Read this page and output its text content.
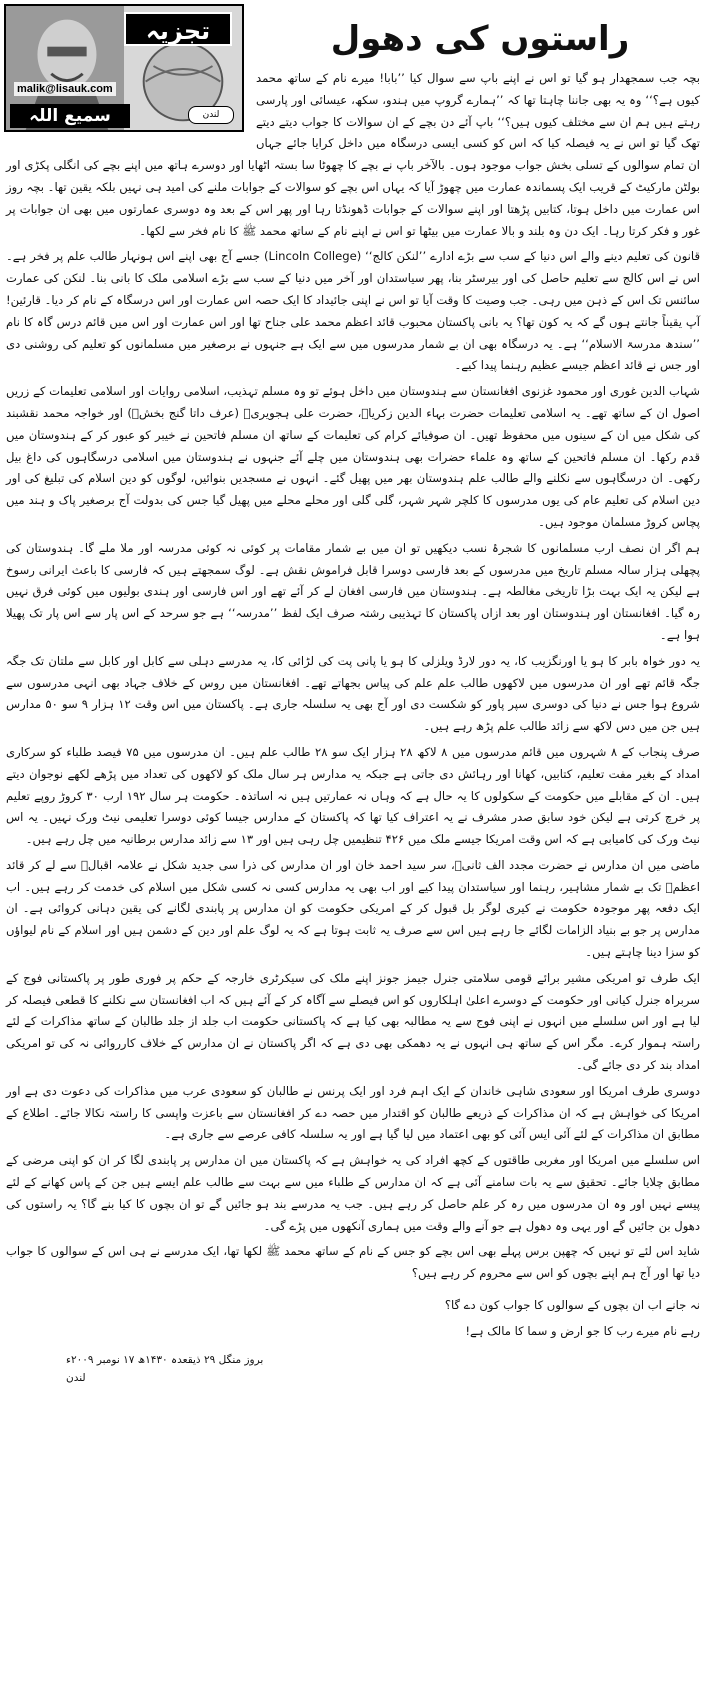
تجزیہ
malik@lisauk.com
سمیع اللہ ملک
لندن
راستوں کی دھول

بچہ جب سمجھدار ہو گیا تو اس نے اپنے باپ سے سوال کیا ’’بابا! میرے نام کے ساتھ محمد کیوں ہے؟‘‘ وہ یہ بھی جاننا چاہتا تھا کہ ’’ہمارے گروپ میں ہندو، سکھ، عیسائی اور پارسی رہتے ہیں ہم ان سے مختلف کیوں ہیں؟‘‘ باپ آئے دن بچے کے ان سوالات کا جواب دیتے دیتے تھک گیا تو اس نے یہ فیصلہ کیا کہ اس کو کسی ایسی درسگاہ میں داخل کرایا جائے جہاں ان تمام سوالوں کے تسلی بخش جواب موجود ہوں۔ بالآخر باپ نے بچے کا چھوٹا سا بستہ اٹھایا اور دوسرے ہاتھ میں اپنے بچے کی انگلی پکڑی اور بولٹن مارکیٹ کے قریب ایک پسماندہ عمارت میں چھوڑ آیا کہ یہاں اس بچے کو سوالات کے جوابات ملنے کی امید ہی نہیں بلکہ یقین تھا۔ بچہ روز اس عمارت میں داخل ہوتا، کتابیں پڑھتا اور اپنے سوالات کے جوابات ڈھونڈتا رہا اور پھر اس کے بعد وہ دوسری عمارتوں میں بھی ان جوابات پر غور و فکر کرتا رہا۔ ایک دن وہ بلند و بالا عمارت میں بیٹھا تو اس نے اپنے نام کے ساتھ محمد ﷺ کا نام فخر سے لکھا۔

قانون کی تعلیم دینے والے اس دنیا کے سب سے بڑے ادارے ’’لنکن کالج‘‘ (Lincoln College) جسے آج بھی اپنے اس ہونہار طالب علم پر فخر ہے۔ اس نے اس کالج سے تعلیم حاصل کی اور بیرسٹر بنا، پھر سیاستدان اور آخر میں دنیا کے سب سے بڑے اسلامی ملک کا بانی بنا۔ لنکن کی عمارت سائنس تک اس کے ذہن میں رہی۔ جب وصیت کا وقت آیا تو اس نے اپنی جائیداد کا ایک حصہ اس عمارت اور اس درسگاہ کے نام کر دیا۔ قارئین! آپ یقیناً جانتے ہوں گے کہ یہ کون تھا؟ یہ بانی پاکستان محبوب قائد اعظم محمد علی جناح تھا اور اس عمارت اور اس میں قائم درس گاہ کا نام ’’سندھ مدرسۃ الاسلام‘‘ ہے۔ یہ درسگاہ بھی ان بے شمار مدرسوں میں سے ایک ہے جنہوں نے برصغیر میں مسلمانوں کو تعلیم کی روشنی دی اور جس نے قائد اعظم جیسے عظیم رہنما پیدا کیے۔

شہاب الدین غوری اور محمود غزنوی افغانستان سے ہندوستان میں داخل ہوئے تو وہ مسلم تہذیب، اسلامی روایات اور اسلامی تعلیمات کے زریں اصول ان کے ساتھ تھے۔ یہ اسلامی تعلیمات حضرت بہاء الدین زکریاؒ، حضرت علی ہجویریؒ (عرف داتا گنج بخشؒ) اور خواجہ محمد نقشبند کی شکل میں ان کے سینوں میں محفوظ تھیں۔ ان صوفیائے کرام کی تعلیمات کے ساتھ ان مسلم فاتحین نے خیبر کو عبور کر کے ہندوستان میں قدم رکھا۔ ان مسلم فاتحین کے ساتھ وہ علماء حضرات بھی ہندوستان میں چلے آئے جنہوں نے ہندوستان میں اسلامی درسگاہوں کی داغ بیل رکھی۔ ان درسگاہوں سے نکلنے والے طالب علم ہندوستان بھر میں پھیل گئے۔ انہوں نے مسجدیں بنوائیں، لوگوں کو دین اسلام کی تبلیغ کی اور دین اسلام کی تعلیم عام کی یوں مدرسوں کا کلچر شہر شہر، گلی گلی اور محلے محلے میں پھیل گیا جس کی بدولت آج برصغیر پاک و ہند میں پچاس کروڑ مسلمان موجود ہیں۔

ہم اگر ان نصف ارب مسلمانوں کا شجرۂ نسب دیکھیں تو ان میں بے شمار مقامات پر کوئی نہ کوئی مدرسہ اور ملا ملے گا۔ ہندوستان کی پچھلی ہزار سالہ مسلم تاریخ میں مدرسوں کے بعد فارسی دوسرا قابل فراموش نقش ہے۔ لوگ سمجھتے ہیں کہ فارسی کا باعث ایرانی رسوخ ہے لیکن یہ ایک بہت بڑا تاریخی مغالطہ ہے۔ ہندوستان میں فارسی افغان لے کر آئے تھے اور اس فارسی اور ہندی بولیوں میں کوئی فرق نہیں رہ گیا۔ افغانستان اور ہندوستان اور بعد ازاں پاکستان کا تہذیبی رشتہ صرف ایک لفظ ’’مدرسہ‘‘ ہے جو سرحد کے اس پار سے اس پار تک پھیلا ہوا ہے۔

یہ دور خواہ بابر کا ہو یا اورنگزیب کا، یہ دور لارڈ ویلزلی کا ہو یا پانی پت کی لڑائی کا، یہ مدرسے دہلی سے کابل اور کابل سے ملتان تک جگہ جگہ قائم تھے اور ان مدرسوں میں لاکھوں طالب علم علم کی پیاس بجھاتے تھے۔ افغانستان میں روس کے خلاف جہاد بھی انہی مدرسوں سے شروع ہوا جس نے دنیا کی دوسری سپر پاور کو شکست دی اور آج بھی یہ سلسلہ جاری ہے۔ پاکستان میں اس وقت ۱۲ ہزار ۹ سو ۵۰ مدارس ہیں جن میں دس لاکھ سے زائد طالب علم پڑھ رہے ہیں۔

صرف پنجاب کے ۸ شہروں میں قائم مدرسوں میں ۸ لاکھ ۲۸ ہزار ایک سو ۲۸ طالب علم ہیں۔ ان مدرسوں میں ۷۵ فیصد طلباء کو سرکاری امداد کے بغیر مفت تعلیم، کتابیں، کھانا اور رہائش دی جاتی ہے جبکہ یہ مدارس ہر سال ملک کو لاکھوں کی تعداد میں پڑھے لکھے نوجوان دیتے ہیں۔ ان کے مقابلے میں حکومت کے سکولوں کا یہ حال ہے کہ وہاں نہ عمارتیں ہیں نہ اساتذہ۔ حکومت ہر سال ۱۹۲ ارب ۳۰ کروڑ روپے تعلیم پر خرچ کرتی ہے لیکن خود سابق صدر مشرف نے یہ اعتراف کیا تھا کہ پاکستان کے مدارس جیسا کوئی دوسرا تعلیمی نیٹ ورک نہیں۔ یہ اس نیٹ ورک کی کامیابی ہے کہ اس وقت امریکا جیسے ملک میں ۴۲۶ تنظیمیں چل رہی ہیں اور ۱۳ سے زائد مدارس برطانیہ میں چل رہے ہیں۔

ماضی میں ان مدارس نے حضرت مجدد الف ثانیؒ، سر سید احمد خان اور ان مدارس کی ذرا سی جدید شکل نے علامہ اقبالؒ سے لے کر قائد اعظمؒ تک بے شمار مشاہیر، رہنما اور سیاستدان پیدا کیے اور اب بھی یہ مدارس کسی نہ کسی شکل میں اسلام کی خدمت کر رہے ہیں۔ اب ایک دفعہ پھر موجودہ حکومت نے کیری لوگر بل قبول کر کے امریکی حکومت کو ان مدارس پر پابندی لگانے کی یقین دہانی کروائی ہے۔ ان مدارس پر جو بے بنیاد الزامات لگائے جا رہے ہیں اس سے صرف یہ ثابت ہوتا ہے کہ یہ لوگ علم اور دین کے دشمن ہیں اور اسلام کے نام لیواؤں کو سزا دینا چاہتے ہیں۔

ایک طرف تو امریکی مشیر برائے قومی سلامتی جنرل جیمز جونز اپنے ملک کی سیکرٹری خارجہ کے حکم پر فوری طور پر پاکستانی فوج کے سربراہ جنرل کیانی اور حکومت کے دوسرے اعلیٰ اہلکاروں کو اس فیصلے سے آگاہ کر کے آئے ہیں کہ اب افغانستان سے نکلنے کا قطعی فیصلہ کر لیا ہے اور اس سلسلے میں انہوں نے اپنی فوج سے یہ مطالبہ بھی کیا ہے کہ پاکستانی حکومت اب جلد از جلد طالبان کے ساتھ مذاکرات کے لئے راستہ ہموار کرے۔ مگر اس کے ساتھ ہی انہوں نے یہ دھمکی بھی دی ہے کہ اگر پاکستان نے ان مدارس کے خلاف کارروائی نہ کی تو امریکی امداد بند کر دی جائے گی۔

دوسری طرف امریکا اور سعودی شاہی خاندان کے ایک اہم فرد اور ایک پرنس نے طالبان کو سعودی عرب میں مذاکرات کی دعوت دی ہے اور امریکا کی خواہش ہے کہ ان مذاکرات کے ذریعے طالبان کو اقتدار میں حصہ دے کر افغانستان سے باعزت واپسی کا راستہ نکالا جائے۔ اطلاع کے مطابق ان مذاکرات کے لئے آئی ایس آئی کو بھی اعتماد میں لیا گیا ہے اور یہ سلسلہ کافی عرصے سے جاری ہے۔

اس سلسلے میں امریکا اور مغربی طاقتوں کے کچھ افراد کی یہ خواہش ہے کہ پاکستان میں ان مدارس پر پابندی لگا کر ان کو اپنی مرضی کے مطابق چلایا جائے۔ تحقیق سے یہ بات سامنے آئی ہے کہ ان مدارس کے طلباء میں سے بہت سے طالب علم ایسے ہیں جن کے پاس کھانے کے لئے پیسے نہیں اور وہ ان مدرسوں میں رہ کر علم حاصل کر رہے ہیں۔ جب یہ مدرسے بند ہو جائیں گے تو ان بچوں کا کیا بنے گا؟ یہ راستوں کی دھول بن جائیں گے اور یہی وہ دھول ہے جو آنے والے وقت میں ہماری آنکھوں میں پڑے گی۔

شاید اس لئے تو نہیں کہ چھپن برس پہلے بھی اس بچے کو جس کے نام کے ساتھ محمد ﷺ لکھا تھا، ایک مدرسے نے ہی اس کے سوالوں کا جواب دیا تھا اور آج ہم اپنے بچوں کو اس سے محروم کر رہے ہیں؟

نہ جانے اب ان بچوں کے سوالوں کا جواب کون دے گا؟

رہے نام میرے رب کا جو ارض و سما کا مالک ہے!

بروز منگل ۲۹ ذیقعدہ ۱۴۳۰ھ ۱۷ نومبر ۲۰۰۹ء
لندن
